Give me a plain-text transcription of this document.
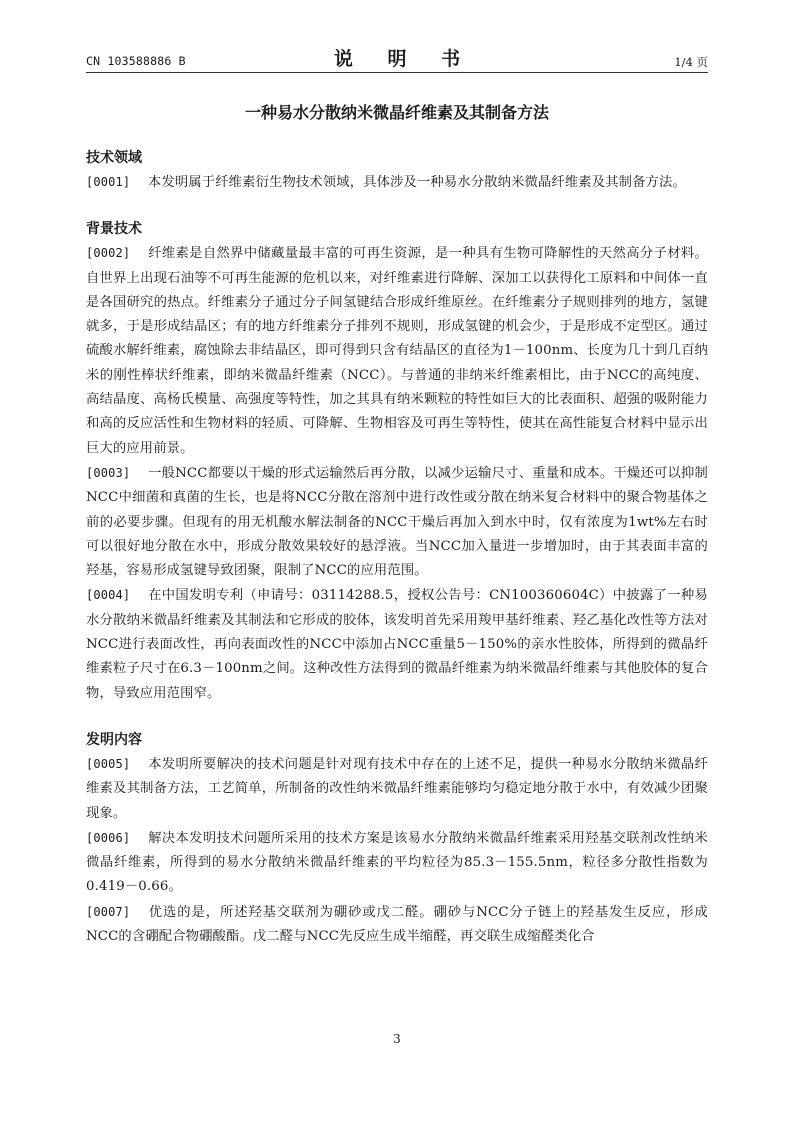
CN 103588886 B	说 明 书	1/4 页
一种易水分散纳米微晶纤维素及其制备方法
技术领域

[0001] 本发明属于纤维素衍生物技术领域，具体涉及一种易水分散纳米微晶纤维素及其制备方法。

背景技术

[0002] 纤维素是自然界中储藏量最丰富的可再生资源，是一种具有生物可降解性的天然高分子材料。自世界上出现石油等不可再生能源的危机以来，对纤维素进行降解、深加工以获得化工原料和中间体一直是各国研究的热点。纤维素分子通过分子间氢键结合形成纤维原丝。在纤维素分子规则排列的地方，氢键就多，于是形成结晶区；有的地方纤维素分子排列不规则，形成氢键的机会少，于是形成不定型区。通过硫酸水解纤维素，腐蚀除去非结晶区，即可得到只含有结晶区的直径为1－100nm、长度为几十到几百纳米的刚性棒状纤维素，即纳米微晶纤维素（NCC）。与普通的非纳米纤维素相比，由于NCC的高纯度、高结晶度、高杨氏模量、高强度等特性，加之其具有纳米颗粒的特性如巨大的比表面积、超强的吸附能力和高的反应活性和生物材料的轻质、可降解、生物相容及可再生等特性，使其在高性能复合材料中显示出巨大的应用前景。

[0003] 一般NCC都要以干燥的形式运输然后再分散，以减少运输尺寸、重量和成本。干燥还可以抑制NCC中细菌和真菌的生长，也是将NCC分散在溶剂中进行改性或分散在纳米复合材料中的聚合物基体之前的必要步骤。但现有的用无机酸水解法制备的NCC干燥后再加入到水中时，仅有浓度为1wt%左右时可以很好地分散在水中，形成分散效果较好的悬浮液。当NCC加入量进一步增加时，由于其表面丰富的羟基，容易形成氢键导致团聚，限制了NCC的应用范围。

[0004] 在中国发明专利（申请号：03114288.5，授权公告号：CN100360604C）中披露了一种易水分散纳米微晶纤维素及其制法和它形成的胶体，该发明首先采用羧甲基纤维素、羟乙基化改性等方法对NCC进行表面改性，再向表面改性的NCC中添加占NCC重量5－150%的亲水性胶体，所得到的微晶纤维素粒子尺寸在6.3－100nm之间。这种改性方法得到的微晶纤维素为纳米微晶纤维素与其他胶体的复合物，导致应用范围窄。

发明内容

[0005] 本发明所要解决的技术问题是针对现有技术中存在的上述不足，提供一种易水分散纳米微晶纤维素及其制备方法，工艺简单，所制备的改性纳米微晶纤维素能够均匀稳定地分散于水中，有效减少团聚现象。

[0006] 解决本发明技术问题所采用的技术方案是该易水分散纳米微晶纤维素采用羟基交联剂改性纳米微晶纤维素，所得到的易水分散纳米微晶纤维素的平均粒径为85.3－155.5nm，粒径多分散性指数为0.419－0.66。

[0007] 优选的是，所述羟基交联剂为硼砂或戊二醛。硼砂与NCC分子链上的羟基发生反应，形成NCC的含硼配合物硼酸酯。戊二醛与NCC先反应生成半缩醛，再交联生成缩醛类化合

3
